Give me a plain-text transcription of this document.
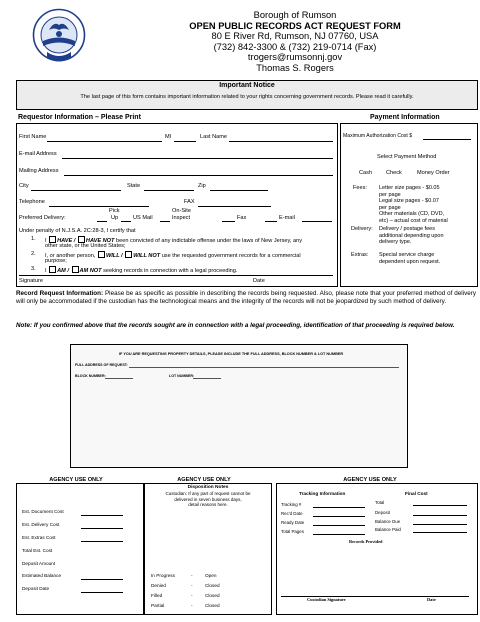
Borough of Rumson
OPEN PUBLIC RECORDS ACT REQUEST FORM
80 E River Rd, Rumson, NJ 07760, USA
(732) 842-3300 & (732) 219-0714 (Fax)
trogers@rumsonnj.gov
Thomas S. Rogers
Important Notice
The last page of this form contains important information related to your rights concerning government records. Please read it carefully.
Requestor Information – Please Print	Payment Information
First Name	MI	Last Name
E-mail Address
Mailing Address
City	State	Zip
Telephone	FAX
Pick	On-Site
Preferred Delivery:	Up	US Mail	Inspect	Fax	E-mail
Under penalty of N.J.S.A. 2C:28-3, I certify that
1. I HAVE / HAVE NOT been convicted of any indictable offense under the laws of New Jersey, any
other state, or the United States;
2. I, or another person, WILL / WILL NOT use the requested government records for a commercial
purpose;
3. I AM / AM NOT seeking records in connection with a legal proceeding.
Signature	Date
Maximum Authorization Cost $
Select Payment Method
Cash Check	Money Order
Fees: Letter size pages - $0.05
per page
Legal size pages - $0.07
per page
Other materials (CD, DVD,
etc) – actual cost of material
Delivery: Delivery / postage fees
additional depending upon
delivery type.
Extras: Special service charge
dependent upon request.
Record Request Information: Please be as specific as possible in describing the records being requested. Also, please note that your preferred method of delivery will only be accommodated if the custodian has the technological means and the integrity of the records will not be jeopardized by such method of delivery.
Note: If you confirmed above that the records sought are in connection with a legal proceeding, identification of that proceeding is required below.
IF YOU ARE REQUESTING PROPERTY DETAILS, PLEASE INCLUDE THE FULL ADDRESS, BLOCK NUMBER & LOT NUMBER
FULL ADDRESS OF REQUEST:
BLOCK NUMBER:	LOT NUMBER:
AGENCY USE ONLY	AGENCY USE ONLY	AGENCY USE ONLY
Est. Document Cost
Est. Delivery Cost
Est. Extras Cost
Total Est. Cost
Deposit Amount
Estimated Balance
Deposit Date
Disposition Notes
Custodian: If any part of request cannot be
delivered in seven business days,
detail reasons here.
In Progress	-	Open
Denied	-	Closed
Filled	-	Closed
Partial	-	Closed
Tracking Information	Final Cost
Tracking #
Rec'd Date
Ready Date
Total Pages
Total
Deposit
Balance Due
Balance Paid
Records Provided
Custodian Signature	Date
